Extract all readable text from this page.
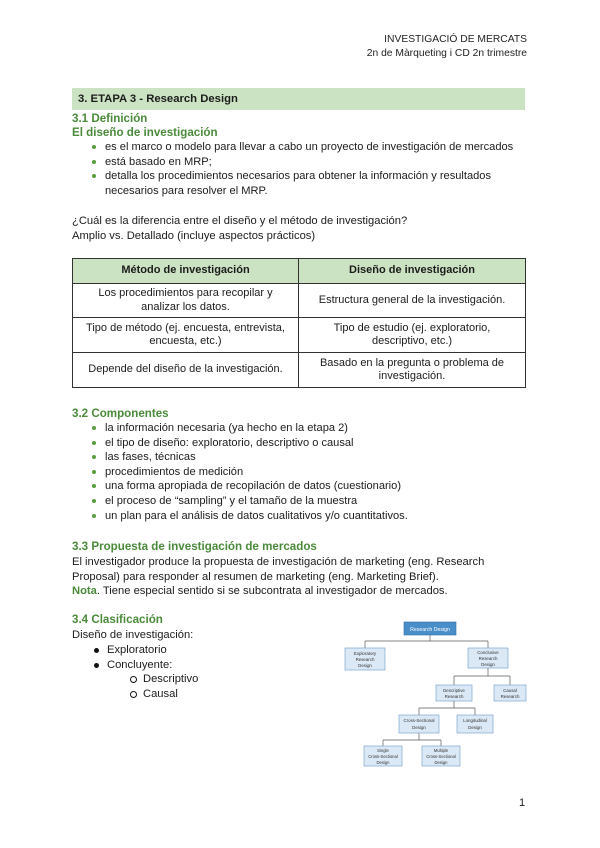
INVESTIGACIÓ DE MERCATS
2n de Màrqueting i CD 2n trimestre
3. ETAPA 3 - Research Design
3.1 Definición
El diseño de investigación
es el marco o modelo para llevar a cabo un proyecto de investigación de mercados
está basado en MRP;
detalla los procedimientos necesarios para obtener la información y resultados
necesarios para resolver el MRP.
¿Cuál es la diferencia entre el diseño y el método de investigación?
Amplio vs. Detallado (incluye aspectos prácticos)
Método de investigación	Diseño de investigación
Los procedimientos para recopilar y analizar los datos.	Estructura general de la investigación.
Tipo de método (ej. encuesta, entrevista, encuesta, etc.)	Tipo de estudio (ej. exploratorio, descriptivo, etc.)
Depende del diseño de la investigación.	Basado en la pregunta o problema de investigación.
3.2 Componentes
la información necesaria (ya hecho en la etapa 2)
el tipo de diseño: exploratorio, descriptivo o causal
las fases, técnicas
procedimientos de medición
una forma apropiada de recopilación de datos (cuestionario)
el proceso de “sampling” y el tamaño de la muestra
un plan para el análisis de datos cualitativos y/o cuantitativos.
3.3 Propuesta de investigación de mercados
El investigador produce la propuesta de investigación de marketing (eng. Research
Proposal) para responder al resumen de marketing (eng. Marketing Brief).
Nota. Tiene especial sentido si se subcontrata al investigador de mercados.
3.4 Clasificación
Diseño de investigación:
Exploratorio
Concluyente:
Descriptivo
Causal
Research Design
Exploratory
Research
Design
Conclusive
Research
Design
Descriptive
Research
Causal
Research
Cross-Sectional
Design
Longitudinal
Design
Single
Cross-Sectional
Design
Multiple
Cross-Sectional
Design
1
